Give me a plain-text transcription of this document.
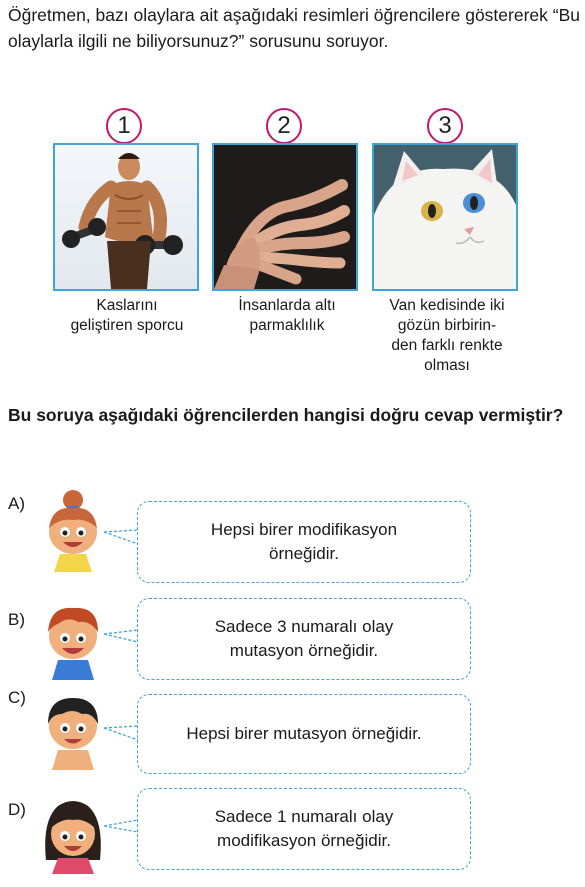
Öğretmen, bazı olaylara ait aşağıdaki resimleri öğrencilere göstererek “Bu olaylarla ilgili ne biliyorsunuz?” sorusunu soruyor.
1
Kaslarını
geliştiren sporcu
2
İnsanlarda altı
parmaklılık
3
Van kedisinde iki
gözün birbirin-
den farklı renkte
olması
Bu soruya aşağıdaki öğrencilerden hangisi doğru cevap vermiştir?
A)
Hepsi birer modifikasyon
örneğidir.
B)	Sadece 3 numaralı olay
mutasyon örneğidir.
C)
Hepsi birer mutasyon örneğidir.
D)	Sadece 1 numaralı olay
modifikasyon örneğidir.
